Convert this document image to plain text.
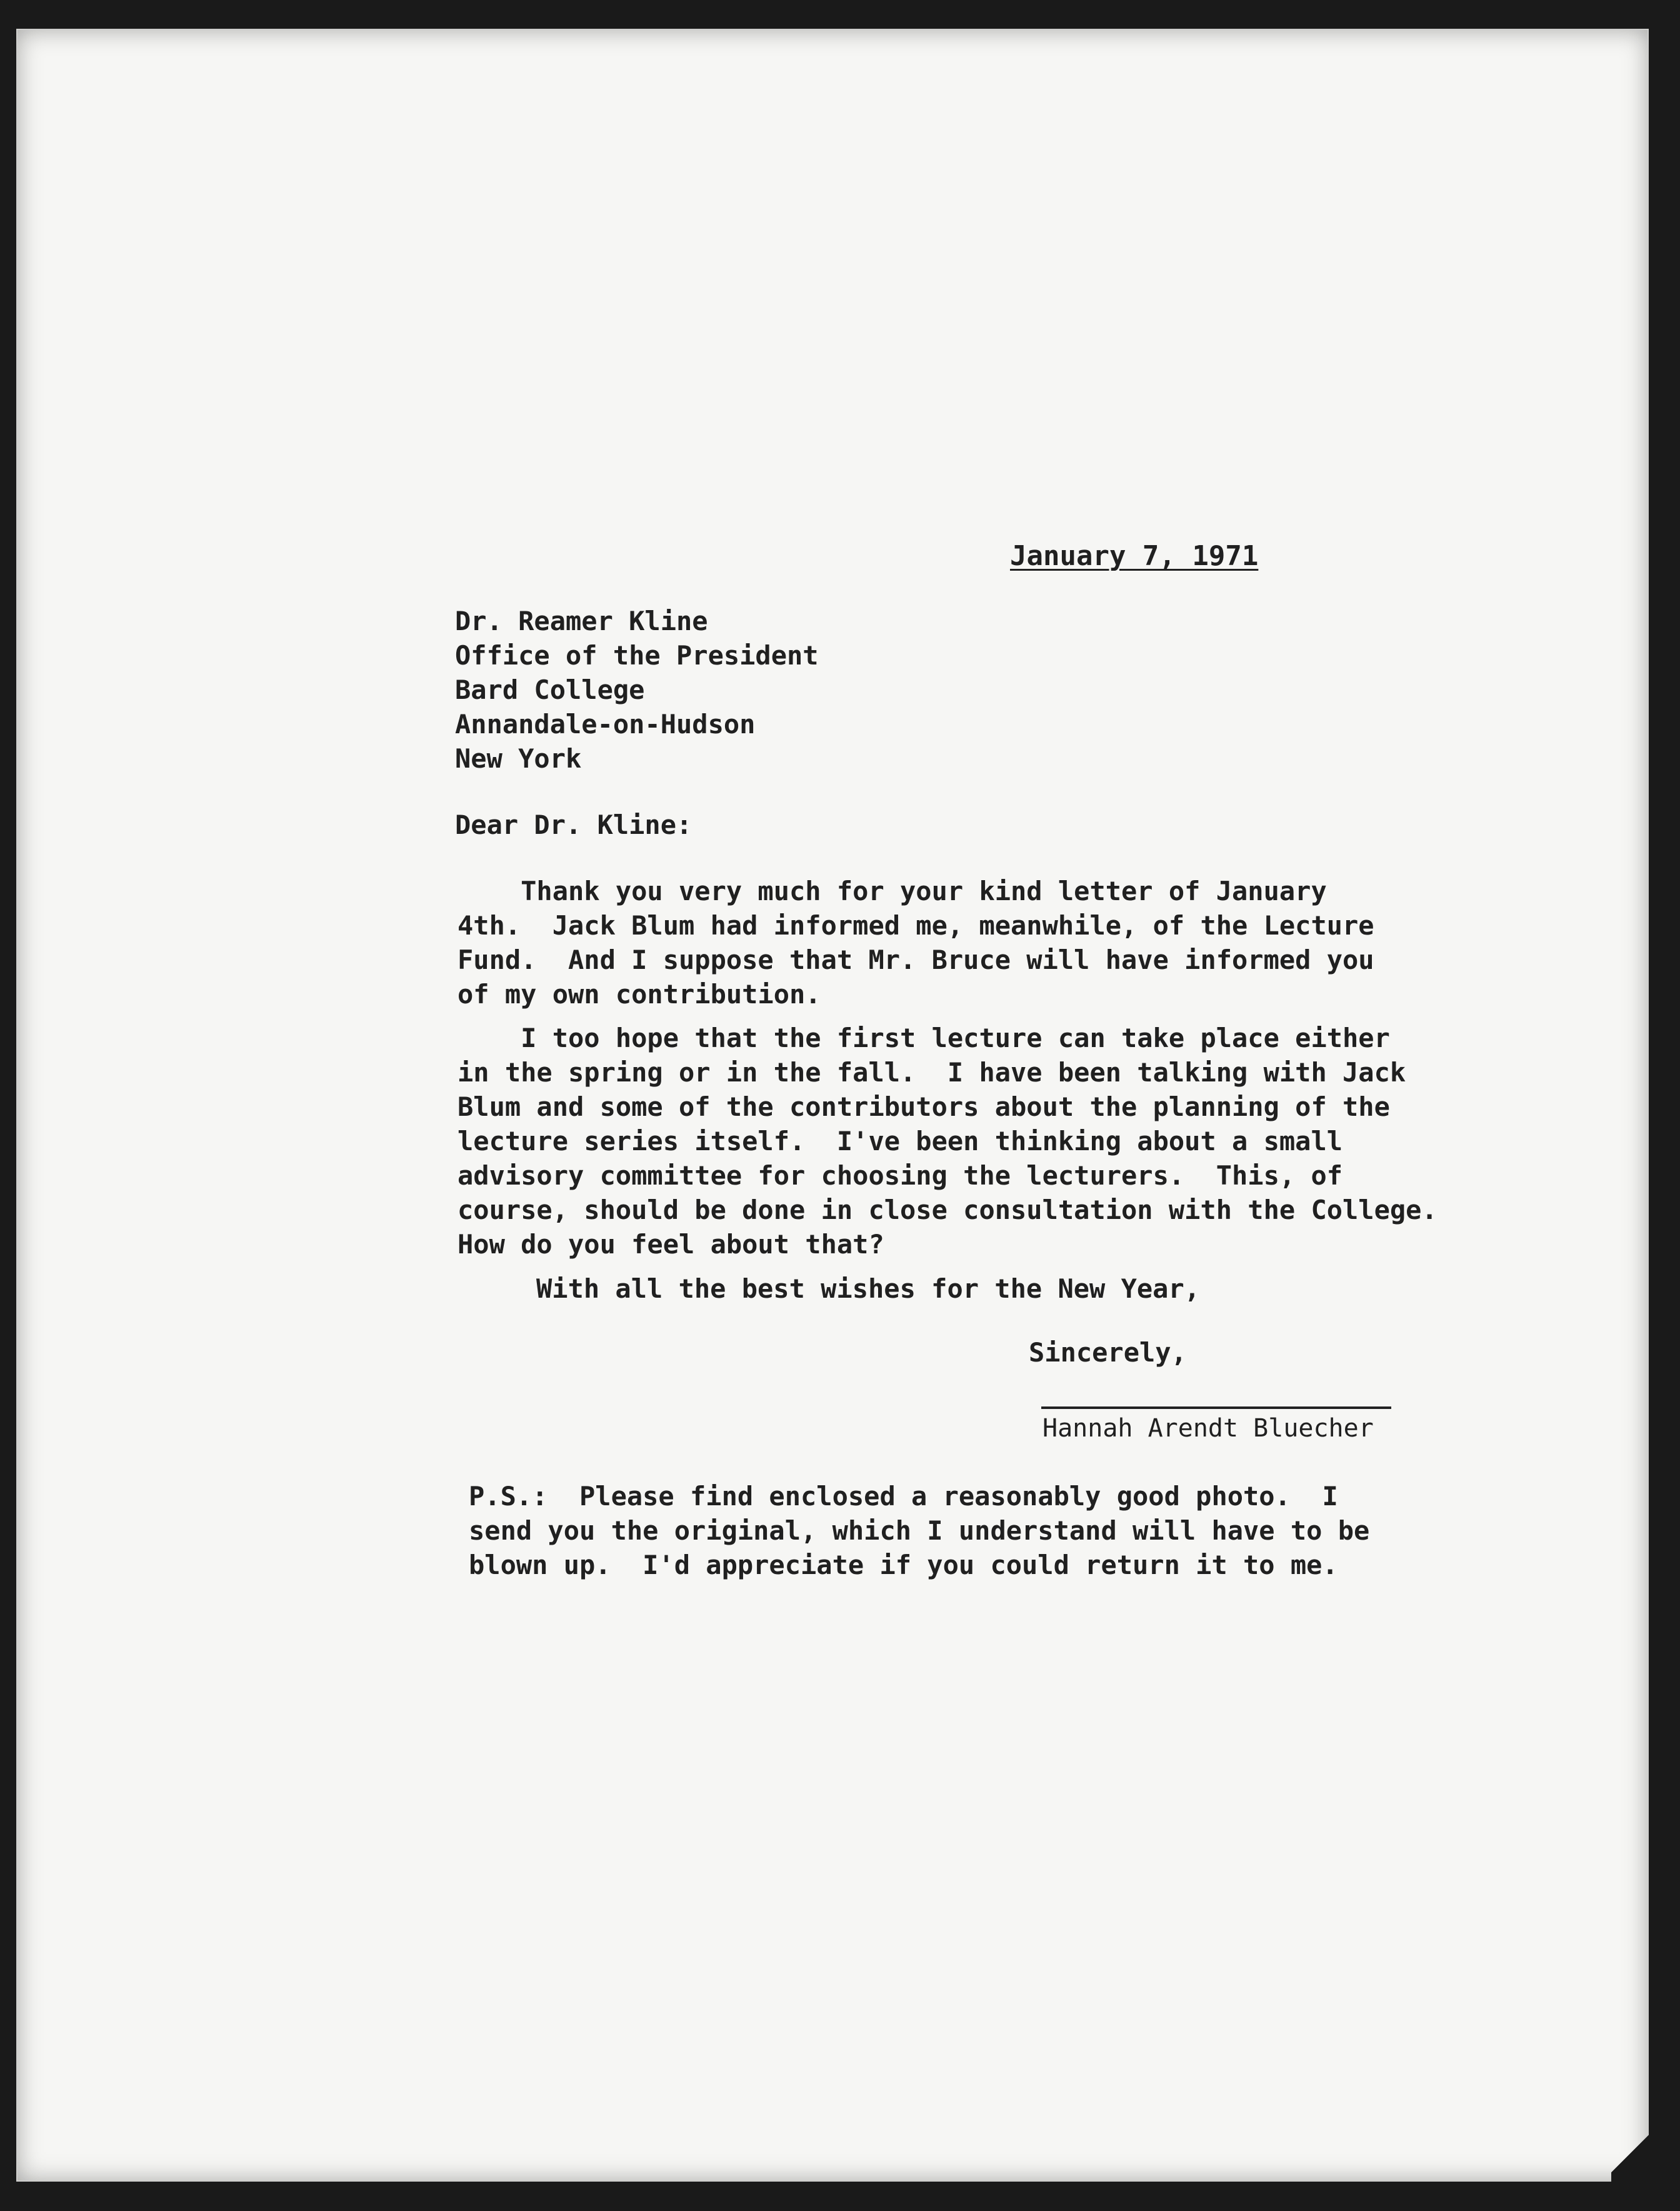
January 7, 1971
Dr. Reamer Kline
Office of the President
Bard College
Annandale-on-Hudson
New York
Dear Dr. Kline:

Thank you very much for your kind letter of January
4th.  Jack Blum had informed me, meanwhile, of the Lecture
Fund.  And I suppose that Mr. Bruce will have informed you
of my own contribution.

I too hope that the first lecture can take place either
in the spring or in the fall.  I have been talking with Jack
Blum and some of the contributors about the planning of the
lecture series itself.  I've been thinking about a small
advisory committee for choosing the lecturers.  This, of
course, should be done in close consultation with the College.
How do you feel about that?

With all the best wishes for the New Year,
Sincerely,
Hannah Arendt Bluecher

P.S.:  Please find enclosed a reasonably good photo.  I
send you the original, which I understand will have to be
blown up.  I'd appreciate if you could return it to me.
